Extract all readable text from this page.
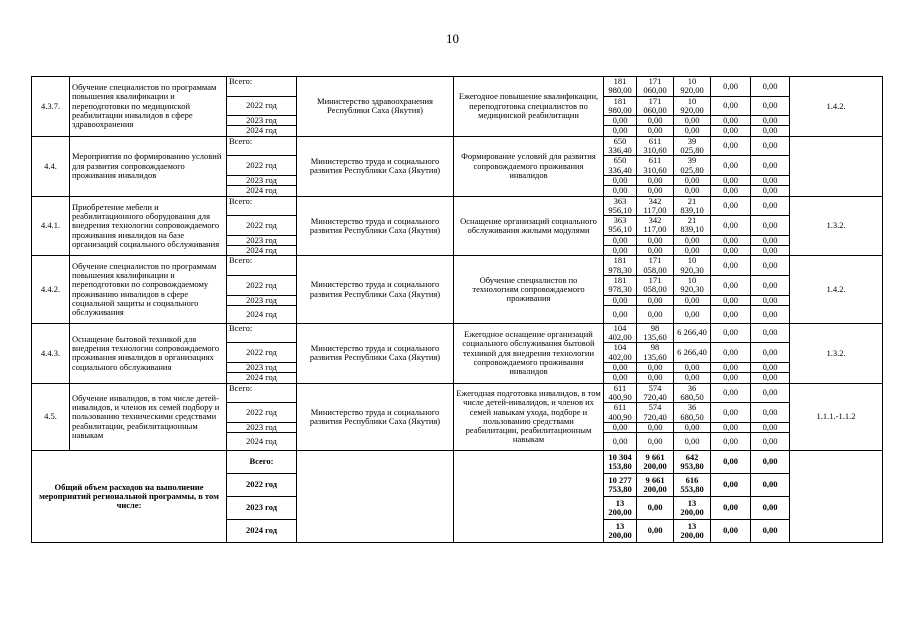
10
4.3.7.	Обучение специалистов по программам повышения квалификации и переподготовки по медицинской реабилитации инвалидов в сфере здравоохранения	Всего:	Министерство здравоохранения Республики Саха (Якутия)	Ежегодное повышение квалификации, переподготовка специалистов по медицинской реабилитации	181 980,00	171 060,00	10 920,00	0,00	0,00	1.4.2.
		2022 год			181 980,00	171 060,00	10 920,00	0,00	0,00	
		2023 год			0,00	0,00	0,00	0,00	0,00	
		2024 год			0,00	0,00	0,00	0,00	0,00	
4.4.	Мероприятия по формированию условий для развития сопровождаемого проживания инвалидов	Всего:	Министерство труда и социального развития Республики Саха (Якутия)	Формирование условий для развития сопровождаемого проживания инвалидов	650 336,40	611 310,60	39 025,80	0,00	0,00	
		2022 год			650 336,40	611 310,60	39 025,80	0,00	0,00	
		2023 год			0,00	0,00	0,00	0,00	0,00	
		2024 год			0,00	0,00	0,00	0,00	0,00	
4.4.1.	Приобретение мебели и реабилитационного оборудования для внедрения технологии сопровождаемого проживания инвалидов на базе организаций социального обслуживания	Всего:	Министерство труда и социального развития Республики Саха (Якутия)	Оснащение организаций социального обслуживания жилыми модулями	363 956,10	342 117,00	21 839,10	0,00	0,00	1.3.2.
		2022 год			363 956,10	342 117,00	21 839,10	0,00	0,00	
		2023 год			0,00	0,00	0,00	0,00	0,00	
		2024 год			0,00	0,00	0,00	0,00	0,00	
4.4.2.	Обучение специалистов по программам повышения квалификации и переподготовки по сопровождаемому проживанию инвалидов в сфере социальной защиты и социального обслуживания	Всего:	Министерство труда и социального развития Республики Саха (Якутия)	Обучение специалистов по технологиям сопровождаемого проживания	181 978,30	171 058,00	10 920,30	0,00	0,00	1.4.2.
		2022 год			181 978,30	171 058,00	10 920,30	0,00	0,00	
		2023 год			0,00	0,00	0,00	0,00	0,00	
		2024 год			0,00	0,00	0,00	0,00	0,00	
4.4.3.	Оснащение бытовой техникой для внедрения технологии сопровождаемого проживания инвалидов в организациях социального обслуживания	Всего:	Министерство труда и социального развития Республики Саха (Якутия)	Ежегодное оснащение организаций социального обслуживания бытовой техникой для внедрения технологии сопровождаемого проживания инвалидов	104 402,00	98 135,60	6 266,40	0,00	0,00	1.3.2.
		2022 год			104 402,00	98 135,60	6 266,40	0,00	0,00	
		2023 год			0,00	0,00	0,00	0,00	0,00	
		2024 год			0,00	0,00	0,00	0,00	0,00	
4.5.	Обучение инвалидов, в том числе детей-инвалидов, и членов их семей подбору и пользованию техническими средствами реабилитации, реабилитационным навыкам	Всего:	Министерство труда и социального развития Республики Саха (Якутия)	Ежегодная подготовка инвалидов, в том числе детей-инвалидов, и членов их семей навыкам ухода, подборе и пользованию средствами реабилитации, реабилитационным навыкам	611 400,90	574 720,40	36 680,50	0,00	0,00	1.1.1.-1.1.2
		2022 год			611 400,90	574 720,40	36 680,50	0,00	0,00	
		2023 год			0,00	0,00	0,00	0,00	0,00	
		2024 год			0,00	0,00	0,00	0,00	0,00	
Общий объем расходов на выполнение мероприятий региональной программы, в том числе:		Всего:			10 304 153,80	9 661 200,00	642 953,80	0,00	0,00	
		2022 год			10 277 753,80	9 661 200,00	616 553,80	0,00	0,00	
		2023 год			13 200,00	0,00	13 200,00	0,00	0,00	
		2024 год			13 200,00	0,00	13 200,00	0,00	0,00	
